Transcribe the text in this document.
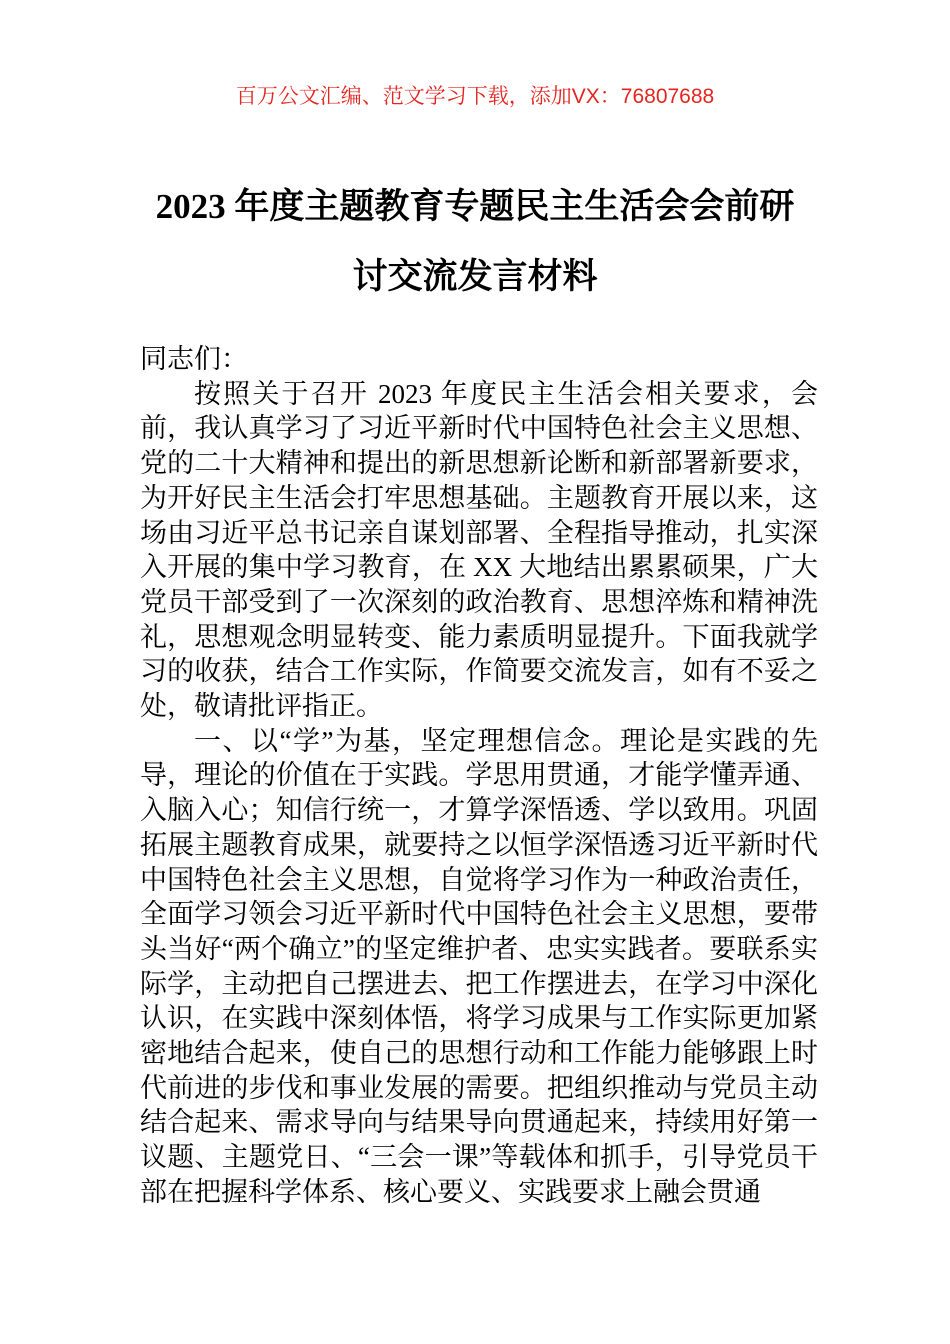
百万公文汇编、范文学习下载，添加VX：76807688
2023 年度主题教育专题民主生活会会前研
讨交流发言材料

同志们：

按照关于召开 2023 年度民主生活会相关要求，会前，我认真学习了习近平新时代中国特色社会主义思想、党的二十大精神和提出的新思想新论断和新部署新要求，为开好民主生活会打牢思想基础。主题教育开展以来，这场由习近平总书记亲自谋划部署、全程指导推动，扎实深入开展的集中学习教育，在 XX 大地结出累累硕果，广大党员干部受到了一次深刻的政治教育、思想淬炼和精神洗礼，思想观念明显转变、能力素质明显提升。下面我就学习的收获，结合工作实际，作简要交流发言，如有不妥之处，敬请批评指正。

一、以“学”为基，坚定理想信念。理论是实践的先导，理论的价值在于实践。学思用贯通，才能学懂弄通、入脑入心；知信行统一，才算学深悟透、学以致用。巩固拓展主题教育成果，就要持之以恒学深悟透习近平新时代中国特色社会主义思想，自觉将学习作为一种政治责任，全面学习领会习近平新时代中国特色社会主义思想，要带头当好“两个确立”的坚定维护者、忠实实践者。要联系实际学，主动把自己摆进去、把工作摆进去，在学习中深化认识，在实践中深刻体悟，将学习成果与工作实际更加紧密地结合起来，使自己的思想行动和工作能力能够跟上时代前进的步伐和事业发展的需要。把组织推动与党员主动结合起来、需求导向与结果导向贯通起来，持续用好第一议题、主题党日、“三会一课”等载体和抓手，引导党员干部在把握科学体系、核心要义、实践要求上融会贯通
